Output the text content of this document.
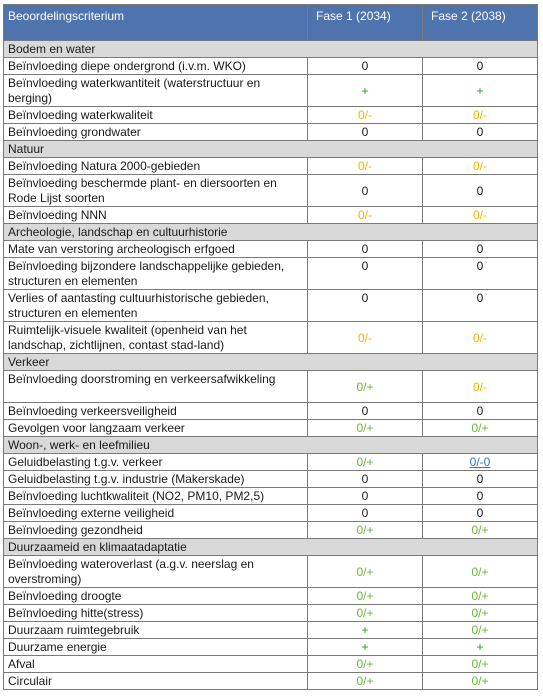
Beoordelingscriterium	Fase 1 (2034)	Fase 2 (2038)
Bodem en water		
Beïnvloeding diepe ondergrond (i.v.m. WKO)	0	0
Beïnvloeding waterkwantiteit (waterstructuur en berging)	+	+
Beïnvloeding waterkwaliteit	0/-	0/-
Beïnvloeding grondwater	0	0
Natuur		
Beïnvloeding Natura 2000-gebieden	0/-	0/-
Beïnvloeding beschermde plant- en diersoorten en Rode Lijst soorten	0	0
Beïnvloeding NNN	0/-	0/-
Archeologie, landschap en cultuurhistorie		
Mate van verstoring archeologisch erfgoed	0	0
Beïnvloeding bijzondere landschappelijke gebieden, structuren en elementen	0	0
Verlies of aantasting cultuurhistorische gebieden, structuren en elementen	0	0
Ruimtelijk-visuele kwaliteit (openheid van het landschap, zichtlijnen, contast stad-land)	0/-	0/-
Verkeer		
Beïnvloeding doorstroming en verkeersafwikkeling	0/+	0/-
Beïnvloeding verkeersveiligheid	0	0
Gevolgen voor langzaam verkeer	0/+	0/+
Woon-, werk- en leefmilieu		
Geluidbelasting t.g.v. verkeer	0/+	0/-0
Geluidbelasting t.g.v. industrie (Makerskade)	0	0
Beïnvloeding luchtkwaliteit (NO2, PM10, PM2,5)	0	0
Beïnvloeding externe veiligheid	0	0
Beïnvloeding gezondheid	0/+	0/+
Duurzaameid en klimaatadaptatie		
Beïnvloeding wateroverlast (a.g.v. neerslag en overstroming)	0/+	0/+
Beïnvloeding droogte	0/+	0/+
Beïnvloeding hitte(stress)	0/+	0/+
Duurzaam ruimtegebruik	+	0/+
Duurzame energie	+	+
Afval	0/+	0/+
Circulair	0/+	0/+
